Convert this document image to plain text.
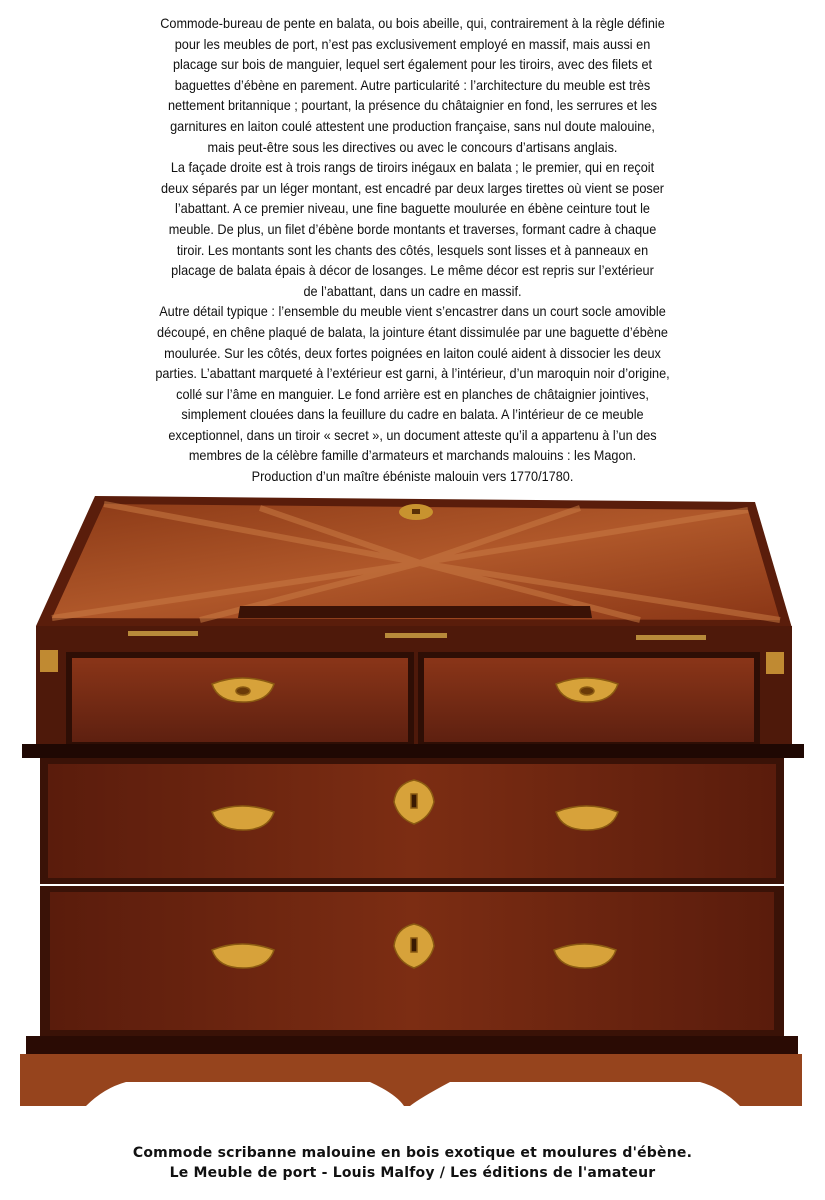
Commode-bureau de pente en balata, ou bois abeille, qui, contrairement à la règle définie
pour les meubles de port, n’est pas exclusivement employé en massif, mais aussi en
placage sur bois de manguier, lequel sert également pour les tiroirs, avec des filets et
baguettes d’ébène en parement. Autre particularité : l’architecture du meuble est très
nettement britannique ; pourtant, la présence du châtaignier en fond, les serrures et les
garnitures en laiton coulé attestent une production française, sans nul doute malouine,
mais peut-être sous les directives ou avec le concours d’artisans anglais.

La façade droite est à trois rangs de tiroirs inégaux en balata ; le premier, qui en reçoit
deux séparés par un léger montant, est encadré par deux larges tirettes où vient se poser
l’abattant. A ce premier niveau, une fine baguette moulurée en ébène ceinture tout le
meuble. De plus, un filet d’ébène borde montants et traverses, formant cadre à chaque
tiroir. Les montants sont les chants des côtés, lesquels sont lisses et à panneaux en
placage de balata épais à décor de losanges. Le même décor est repris sur l’extérieur
de l’abattant, dans un cadre en massif.

Autre détail typique : l’ensemble du meuble vient s’encastrer dans un court socle amovible
découpé, en chêne plaqué de balata, la jointure étant dissimulée par une baguette d’ébène
moulurée. Sur les côtés, deux fortes poignées en laiton coulé aident à dissocier les deux
parties. L’abattant marqueté à l’extérieur est garni, à l’intérieur, d’un maroquin noir d’origine,
collé sur l’âme en manguier. Le fond arrière est en planches de châtaignier jointives,
simplement clouées dans la feuillure du cadre en balata. A l’intérieur de ce meuble
exceptionnel, dans un tiroir « secret », un document atteste qu’il a appartenu à l’un des
membres de la célèbre famille d’armateurs et marchands malouins : les Magon.
Production d’un maître ébéniste malouin vers 1770/1780.

Commode scribanne malouine en bois exotique et moulures d'ébène.
Le Meuble de port - Louis Malfoy / Les éditions de l'amateur
